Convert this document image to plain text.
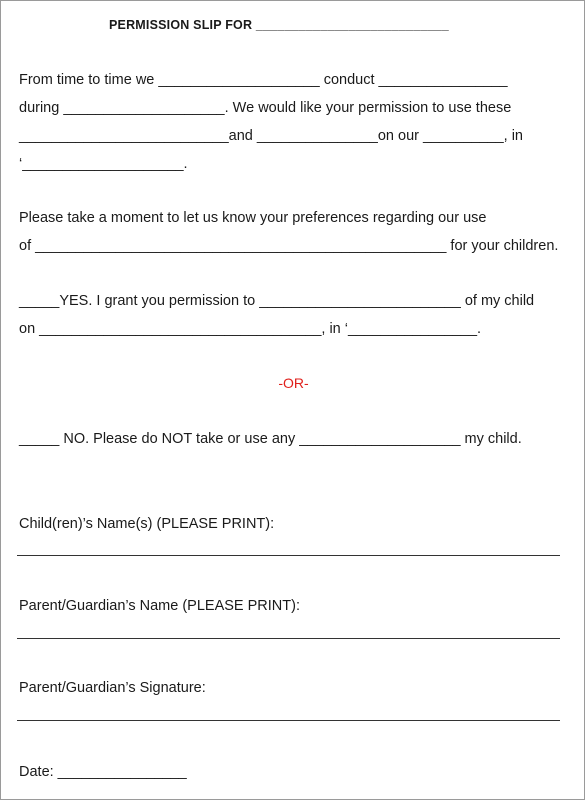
PERMISSION SLIP FOR ___________________________
From time to time we ____________________ conduct ________________
during ____________________. We would like your permission to use these
__________________________and _______________on our __________, in
‘____________________.
Please take a moment to let us know your preferences regarding our use
of ___________________________________________________ for your children.
_____YES. I grant you permission to _________________________ of my child
on ___________________________________, in ‘________________.
-OR-
_____ NO. Please do NOT take or use any ____________________ my child.
Child(ren)’s Name(s) (PLEASE PRINT):
Parent/Guardian’s Name (PLEASE PRINT):
Parent/Guardian’s Signature:
Date: ________________
